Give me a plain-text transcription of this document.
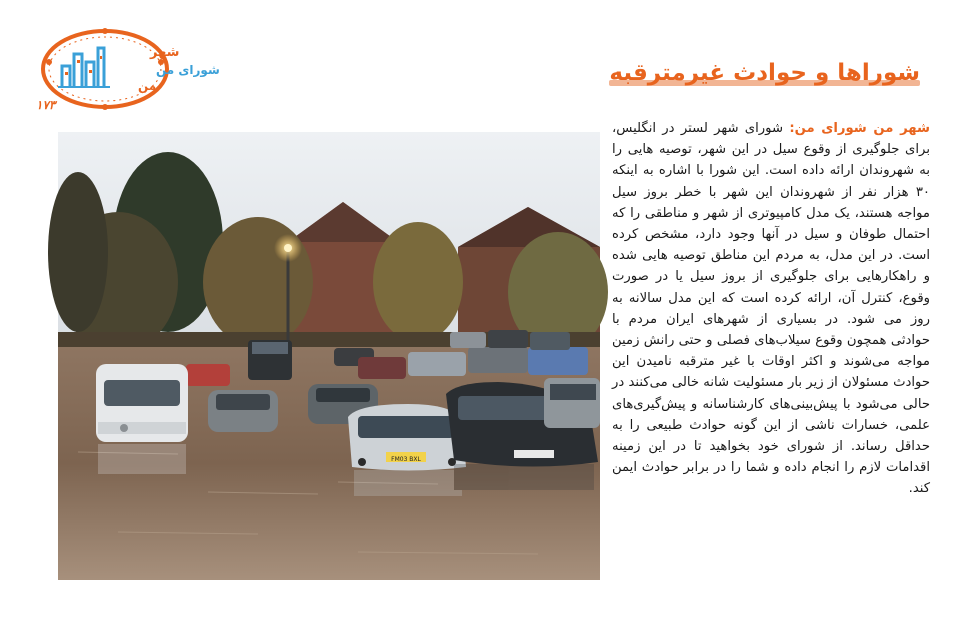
شهر
شورای من
من
۱۷۳
شوراها و حوادث غیرمترقبه
FM03 BXL
شهر من شورای من: شورای شهر لستر در انگلیس، برای جلوگیری از وقوع سیل در این شهر، توصیه هایی را به شهروندان ارائه داده است. این شورا با اشاره به اینکه ۳۰ هزار نفر از شهروندان این شهر با خطر بروز سیل مواجه هستند، یک مدل کامپیوتری از شهر و مناطقی را که احتمال طوفان و سیل در آنها وجود دارد، مشخص کرده است. در این مدل، به مردم این مناطق توصیه هایی شده و راهکارهایی برای جلوگیری از بروز سیل یا در صورت وقوع، کنترل آن، ارائه کرده است که این مدل سالانه به روز می شود. در بسیاری از شهرهای ایران مردم با حوادثی همچون وقوع سیلاب‌های فصلی و حتی رانش زمین مواجه می‌شوند و اکثر اوقات با غیر مترقبه نامیدن این حوادث مسئولان از زیر بار مسئولیت شانه خالی می‌کنند در حالی می‌شود با پیش‌بینی‌های کارشناسانه و پیش‌گیری‌های علمی، خسارات ناشی از این گونه حوادث طبیعی را به حداقل رساند. از شورای خود بخواهید تا در این زمینه اقدامات لازم را انجام داده و شما را در برابر حوادث ایمن کند.
